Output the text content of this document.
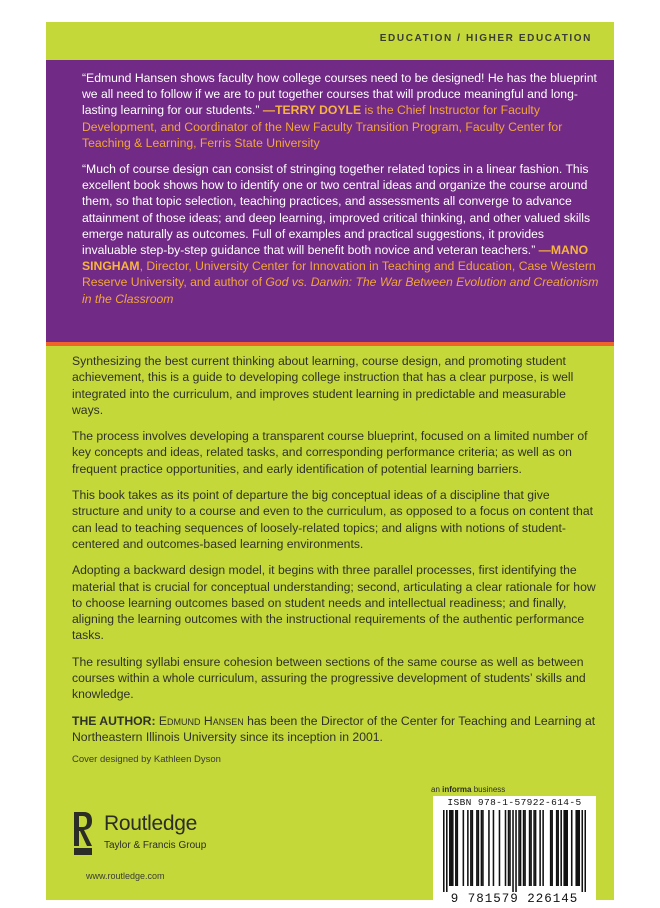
EDUCATION / HIGHER EDUCATION

“Edmund Hansen shows faculty how college courses need to be designed! He has the blueprint we all need to follow if we are to put together courses that will produce meaningful and long-lasting learning for our students.” —TERRY DOYLE is the Chief Instructor for Faculty Development, and Coordinator of the New Faculty Transition Program, Faculty Center for Teaching & Learning, Ferris State University

“Much of course design can consist of stringing together related topics in a linear fashion. This excellent book shows how to identify one or two central ideas and organize the course around them, so that topic selection, teaching practices, and assessments all converge to advance attainment of those ideas; and deep learning, improved critical thinking, and other valued skills emerge naturally as outcomes. Full of examples and practical suggestions, it provides invaluable step-by-step guidance that will benefit both novice and veteran teachers.” —MANO SINGHAM, Director, University Center for Innovation in Teaching and Education, Case Western Reserve University, and author of God vs. Darwin: The War Between Evolution and Creationism in the Classroom

Synthesizing the best current thinking about learning, course design, and promoting student achievement, this is a guide to developing college instruction that has a clear purpose, is well integrated into the curriculum, and improves student learning in predictable and measurable ways.

The process involves developing a transparent course blueprint, focused on a limited number of key concepts and ideas, related tasks, and corresponding performance criteria; as well as on frequent practice opportunities, and early identification of potential learning barriers.

This book takes as its point of departure the big conceptual ideas of a discipline that give structure and unity to a course and even to the curriculum, as opposed to a focus on content that can lead to teaching sequences of loosely-related topics; and aligns with notions of student-centered and outcomes-based learning environments.

Adopting a backward design model, it begins with three parallel processes, first identifying the material that is crucial for conceptual understanding; second, articulating a clear rationale for how to choose learning outcomes based on student needs and intellectual readiness; and finally, aligning the learning outcomes with the instructional requirements of the authentic performance tasks.

The resulting syllabi ensure cohesion between sections of the same course as well as between courses within a whole curriculum, assuring the progressive development of students’ skills and knowledge.

THE AUTHOR: Edmund Hansen has been the Director of the Center for Teaching and Learning at Northeastern Illinois University since its inception in 2001.

Cover designed by Kathleen Dyson
Routledge
Taylor & Francis Group
www.routledge.com
an informa business
ISBN 978-1-57922-614-5
9 781579 226145
